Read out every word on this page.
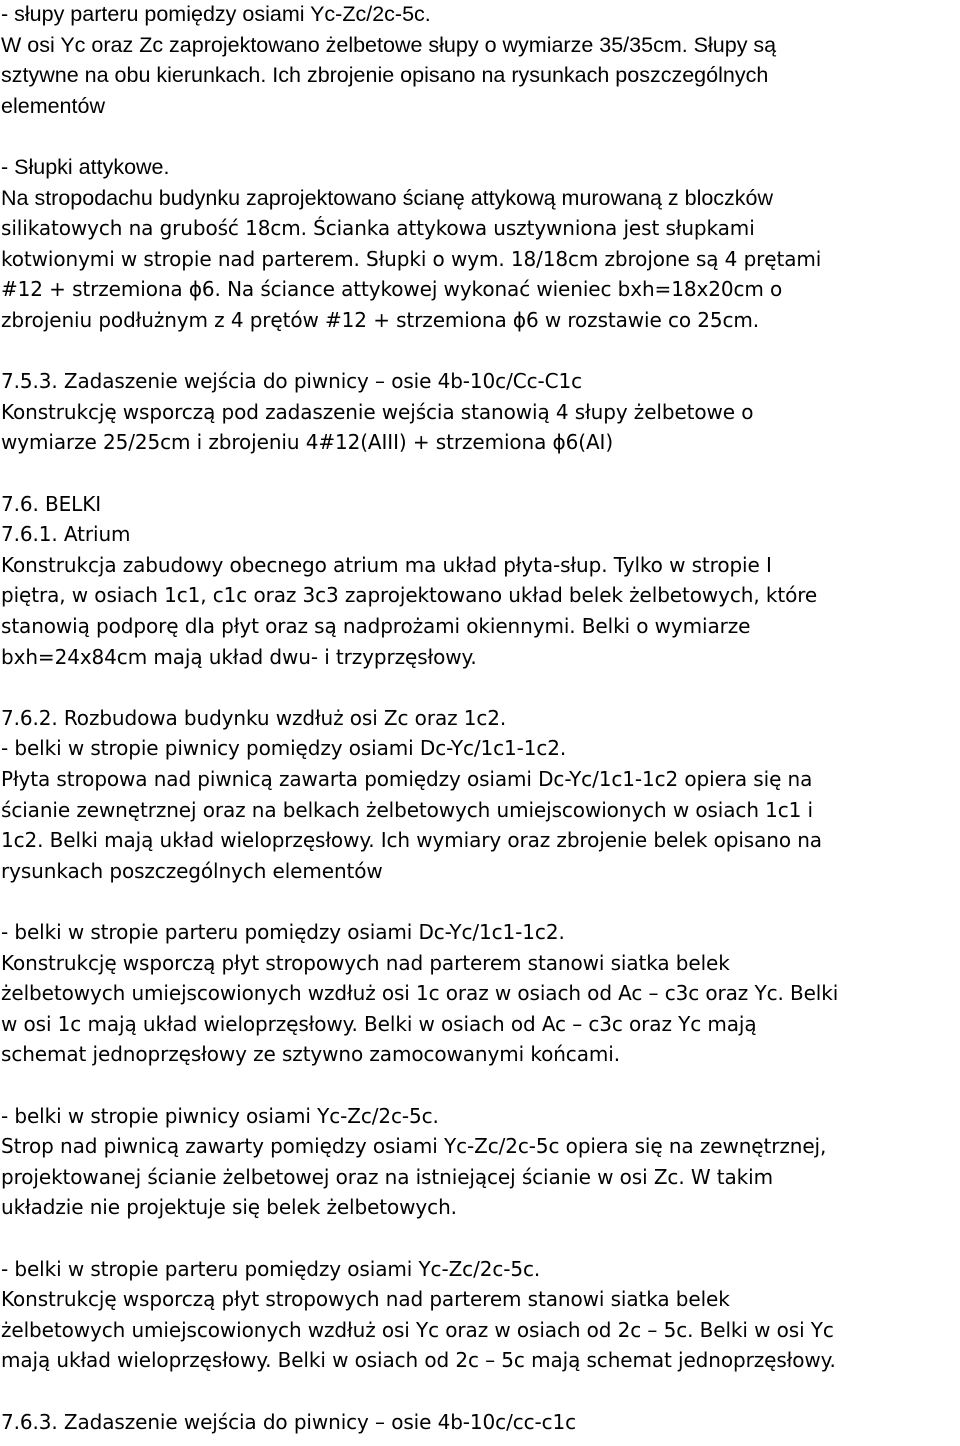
- słupy parteru pomiędzy osiami Yc-Zc/2c-5c.
W osi Yc oraz Zc zaprojektowano żelbetowe słupy o wymiarze 35/35cm. Słupy są
sztywne na obu kierunkach. Ich zbrojenie opisano na rysunkach poszczególnych
elementów
- Słupki attykowe.
Na stropodachu budynku zaprojektowano ścianę attykową murowaną z bloczków
silikatowych na grubość 18cm. Ścianka attykowa usztywniona jest słupkami
kotwionymi w stropie nad parterem. Słupki o wym. 18/18cm zbrojone są 4 prętami
#12 + strzemiona ϕ6. Na ściance attykowej wykonać wieniec bxh=18x20cm o
zbrojeniu podłużnym z 4 prętów #12 + strzemiona ϕ6 w rozstawie co 25cm.
7.5.3. Zadaszenie wejścia do piwnicy – osie 4b-10c/Cc-C1c
Konstrukcję wsporczą pod zadaszenie wejścia stanowią 4 słupy żelbetowe o
wymiarze 25/25cm i zbrojeniu 4#12(AIII) + strzemiona ϕ6(AI)
7.6. BELKI
7.6.1. Atrium
Konstrukcja zabudowy obecnego atrium ma układ płyta-słup. Tylko w stropie I
piętra, w osiach 1c1, c1c oraz 3c3 zaprojektowano układ belek żelbetowych, które
stanowią podporę dla płyt oraz są nadprożami okiennymi. Belki o wymiarze
bxh=24x84cm mają układ dwu- i trzyprzęsłowy.
7.6.2. Rozbudowa budynku wzdłuż osi Zc oraz 1c2.
- belki w stropie piwnicy pomiędzy osiami Dc-Yc/1c1-1c2.
Płyta stropowa nad piwnicą zawarta pomiędzy osiami Dc-Yc/1c1-1c2 opiera się na
ścianie zewnętrznej oraz na belkach żelbetowych umiejscowionych w osiach 1c1 i
1c2. Belki mają układ wieloprzęsłowy. Ich wymiary oraz zbrojenie belek opisano na
rysunkach poszczególnych elementów
- belki w stropie parteru pomiędzy osiami Dc-Yc/1c1-1c2.
Konstrukcję wsporczą płyt stropowych nad parterem stanowi siatka belek
żelbetowych umiejscowionych wzdłuż osi 1c oraz w osiach od Ac – c3c oraz Yc. Belki
w osi 1c mają układ wieloprzęsłowy. Belki w osiach od Ac – c3c oraz Yc mają
schemat jednoprzęsłowy ze sztywno zamocowanymi końcami.
- belki w stropie piwnicy osiami Yc-Zc/2c-5c.
Strop nad piwnicą zawarty pomiędzy osiami Yc-Zc/2c-5c opiera się na zewnętrznej,
projektowanej ścianie żelbetowej oraz na istniejącej ścianie w osi Zc. W takim
układzie nie projektuje się belek żelbetowych.
- belki w stropie parteru pomiędzy osiami Yc-Zc/2c-5c.
Konstrukcję wsporczą płyt stropowych nad parterem stanowi siatka belek
żelbetowych umiejscowionych wzdłuż osi Yc oraz w osiach od 2c – 5c. Belki w osi Yc
mają układ wieloprzęsłowy. Belki w osiach od 2c – 5c mają schemat jednoprzęsłowy.
7.6.3. Zadaszenie wejścia do piwnicy – osie 4b-10c/cc-c1c
